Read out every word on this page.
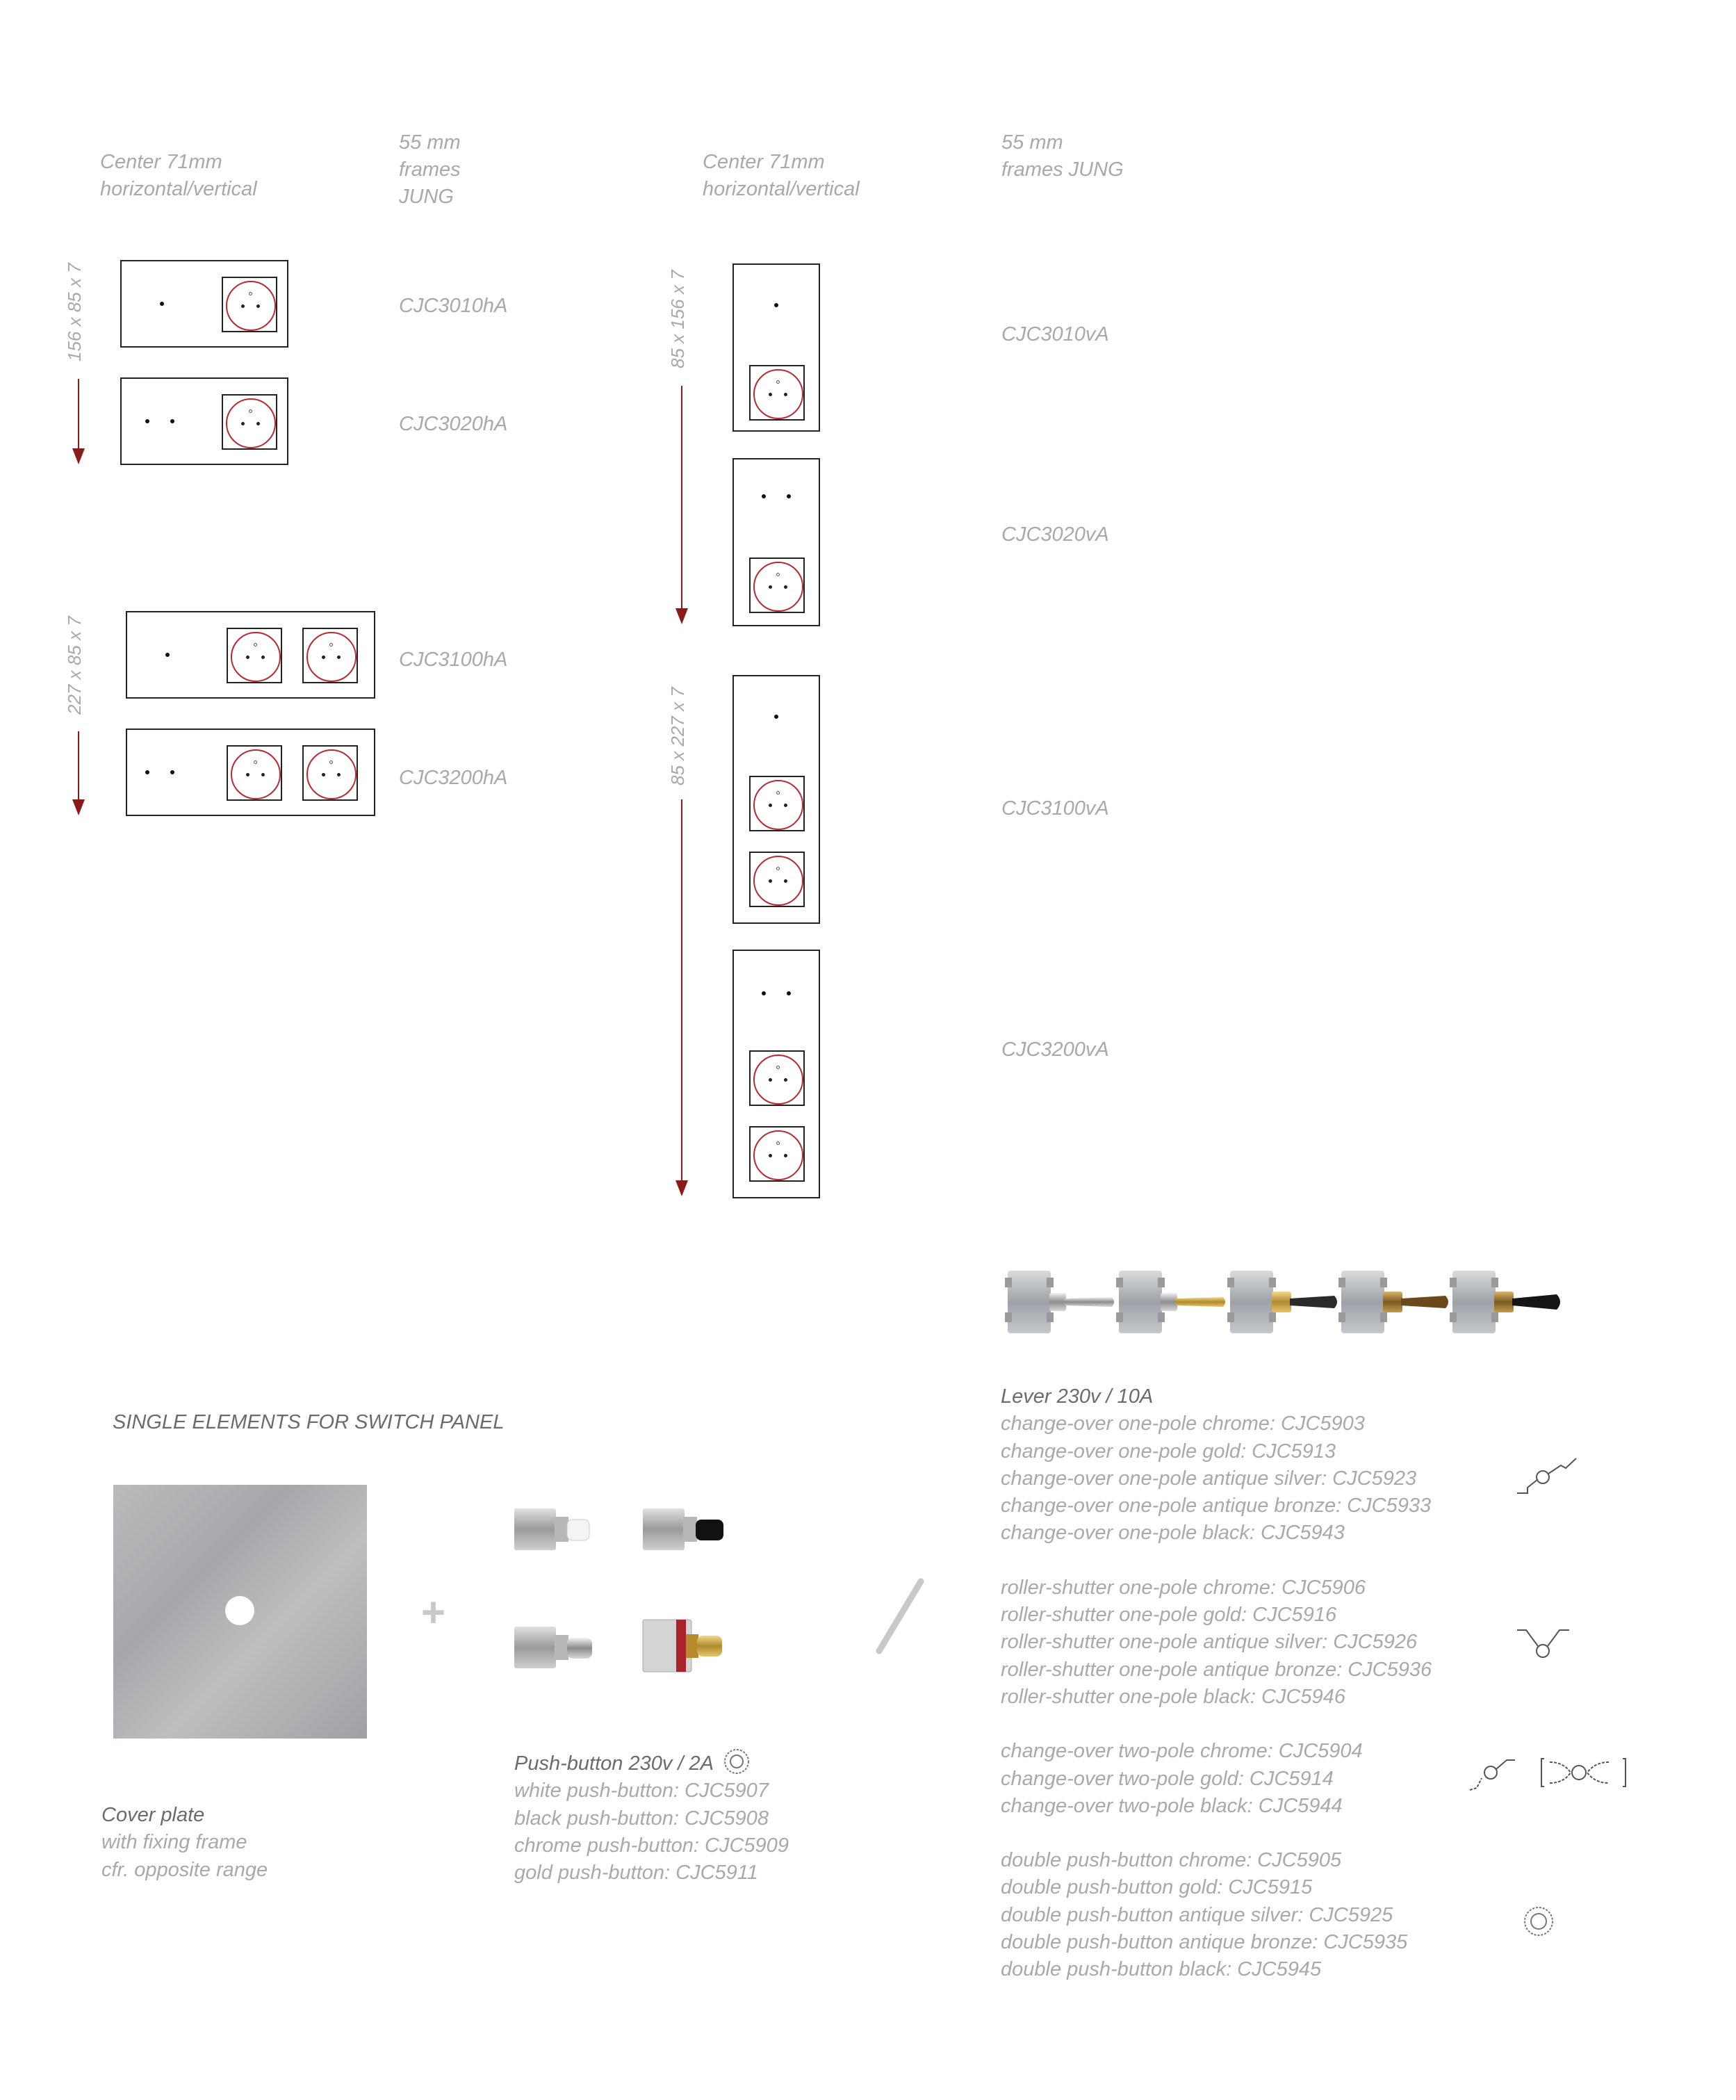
Center 71mm
horizontal/vertical
55 mm
frames
JUNG
Center 71mm
horizontal/vertical
55 mm
frames JUNG
156 x 85 x 7
227 x 85 x 7
85 x 156 x 7
85 x 227 x 7
CJC3010hA
CJC3020hA
CJC3100hA
CJC3200hA
CJC3010vA
CJC3020vA
CJC3100vA
CJC3200vA
SINGLE ELEMENTS FOR SWITCH PANEL
+
Cover plate
with fixing frame
cfr. opposite range
Push-button 230v / 2A
white push-button: CJC5907
black push-button: CJC5908
chrome push-button: CJC5909
gold push-button: CJC5911
Lever 230v / 10A
change-over one-pole chrome: CJC5903
change-over one-pole gold: CJC5913
change-over one-pole antique silver: CJC5923
change-over one-pole antique bronze: CJC5933
change-over one-pole black: CJC5943
roller-shutter one-pole chrome: CJC5906
roller-shutter one-pole gold: CJC5916
roller-shutter one-pole antique silver: CJC5926
roller-shutter one-pole antique bronze: CJC5936
roller-shutter one-pole black: CJC5946
change-over two-pole chrome: CJC5904
change-over two-pole gold: CJC5914
change-over two-pole black: CJC5944
double push-button chrome: CJC5905
double push-button gold: CJC5915
double push-button antique silver: CJC5925
double push-button antique bronze: CJC5935
double push-button black: CJC5945
